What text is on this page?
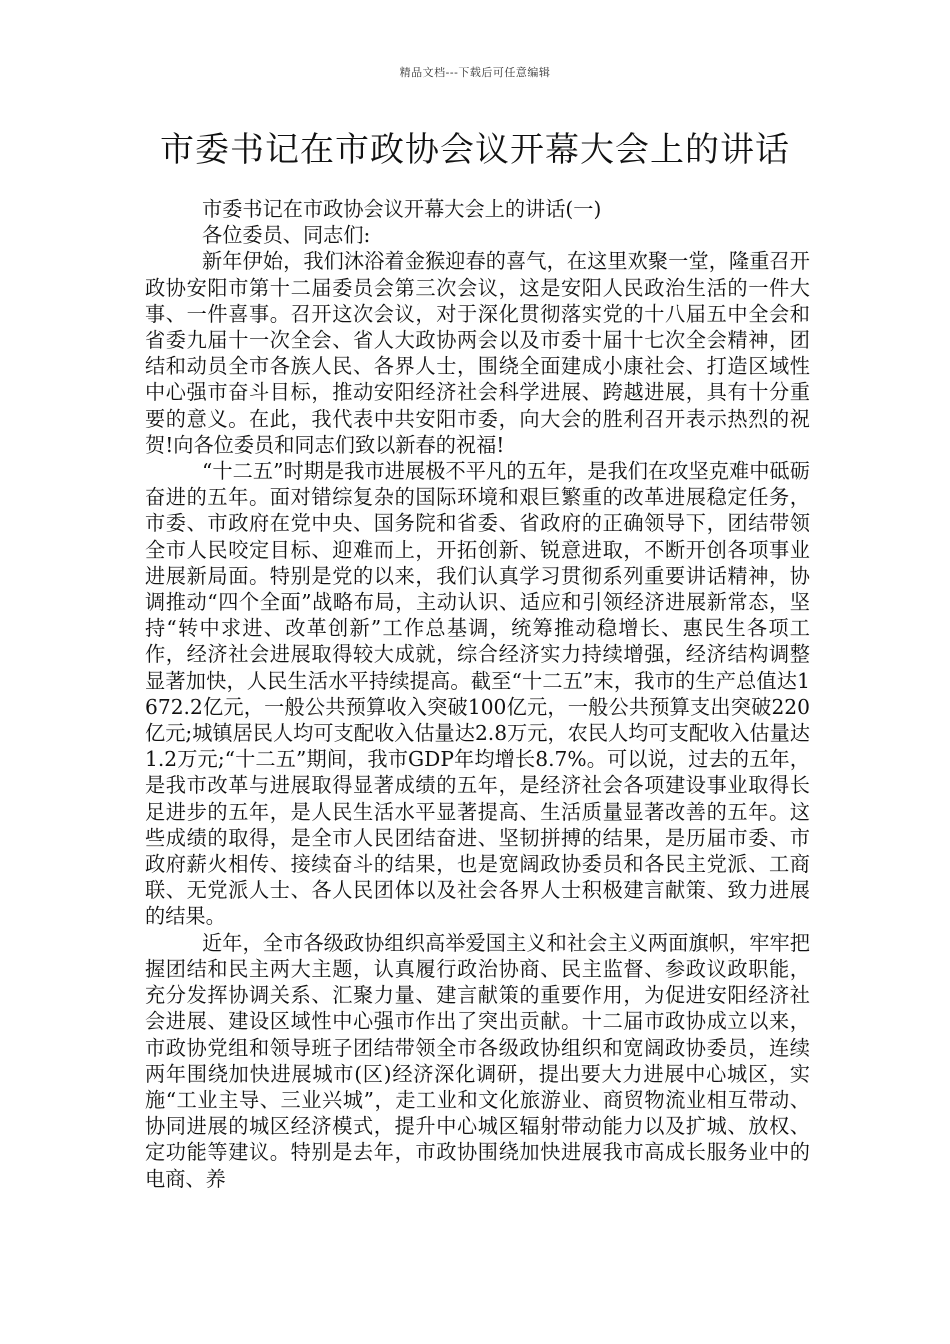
精品文档---下载后可任意编辑
市委书记在市政协会议开幕大会上的讲话

市委书记在市政协会议开幕大会上的讲话(一)

各位委员、同志们:

新年伊始，我们沐浴着金猴迎春的喜气，在这里欢聚一堂，隆重召开政协安阳市第十二届委员会第三次会议，这是安阳人民政治生活的一件大事、一件喜事。召开这次会议，对于深化贯彻落实党的十八届五中全会和省委九届十一次全会、省人大政协两会以及市委十届十七次全会精神，团结和动员全市各族人民、各界人士，围绕全面建成小康社会、打造区域性中心强市奋斗目标，推动安阳经济社会科学进展、跨越进展，具有十分重要的意义。在此，我代表中共安阳市委，向大会的胜利召开表示热烈的祝贺!向各位委员和同志们致以新春的祝福!

“十二五”时期是我市进展极不平凡的五年，是我们在攻坚克难中砥砺奋进的五年。面对错综复杂的国际环境和艰巨繁重的改革进展稳定任务，市委、市政府在党中央、国务院和省委、省政府的正确领导下，团结带领全市人民咬定目标、迎难而上，开拓创新、锐意进取，不断开创各项事业进展新局面。特别是党的以来，我们认真学习贯彻系列重要讲话精神，协调推动“四个全面”战略布局，主动认识、适应和引领经济进展新常态，坚持“转中求进、改革创新”工作总基调，统筹推动稳增长、惠民生各项工作，经济社会进展取得较大成就，综合经济实力持续增强，经济结构调整显著加快，人民生活水平持续提高。截至“十二五”末，我市的生产总值达1672.2亿元，一般公共预算收入突破100亿元，一般公共预算支出突破220亿元;城镇居民人均可支配收入估量达2.8万元，农民人均可支配收入估量达1.2万元;“十二五”期间，我市GDP年均增长8.7%。可以说，过去的五年，是我市改革与进展取得显著成绩的五年，是经济社会各项建设事业取得长足进步的五年，是人民生活水平显著提高、生活质量显著改善的五年。这些成绩的取得，是全市人民团结奋进、坚韧拼搏的结果，是历届市委、市政府薪火相传、接续奋斗的结果，也是宽阔政协委员和各民主党派、工商联、无党派人士、各人民团体以及社会各界人士积极建言献策、致力进展的结果。

近年，全市各级政协组织高举爱国主义和社会主义两面旗帜，牢牢把握团结和民主两大主题，认真履行政治协商、民主监督、参政议政职能，充分发挥协调关系、汇聚力量、建言献策的重要作用，为促进安阳经济社会进展、建设区域性中心强市作出了突出贡献。十二届市政协成立以来，市政协党组和领导班子团结带领全市各级政协组织和宽阔政协委员，连续两年围绕加快进展城市(区)经济深化调研，提出要大力进展中心城区，实施“工业主导、三业兴城”，走工业和文化旅游业、商贸物流业相互带动、协同进展的城区经济模式，提升中心城区辐射带动能力以及扩城、放权、定功能等建议。特别是去年，市政协围绕加快进展我市高成长服务业中的电商、养
